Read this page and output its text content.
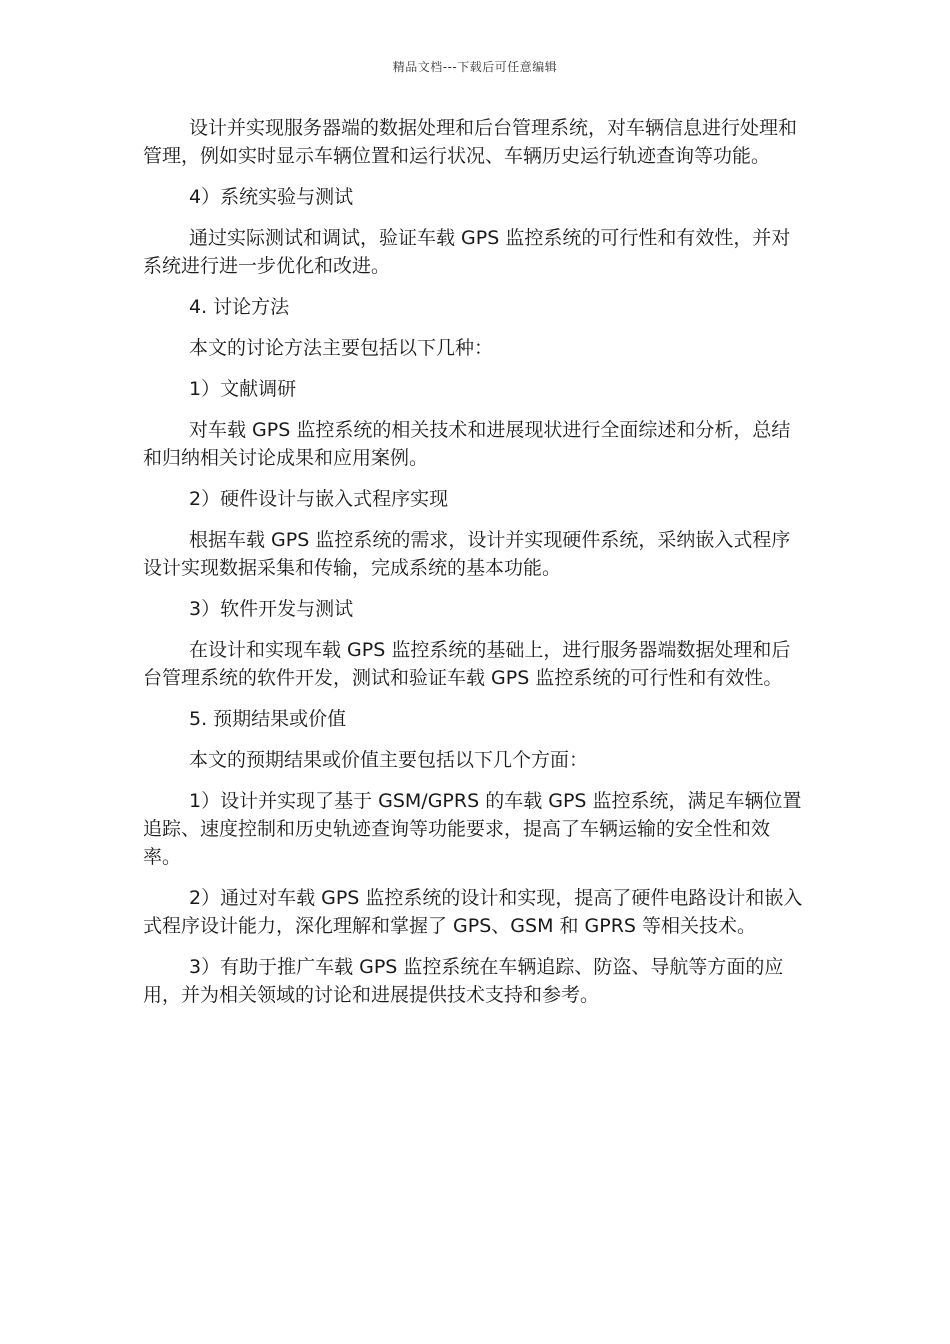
精品文档---下载后可任意编辑

设计并实现服务器端的数据处理和后台管理系统，对车辆信息进行处理和管理，例如实时显示车辆位置和运行状况、车辆历史运行轨迹查询等功能。

4）系统实验与测试

通过实际测试和调试，验证车载 GPS 监控系统的可行性和有效性，并对系统进行进一步优化和改进。

4. 讨论方法

本文的讨论方法主要包括以下几种：

1）文献调研

对车载 GPS 监控系统的相关技术和进展现状进行全面综述和分析，总结和归纳相关讨论成果和应用案例。

2）硬件设计与嵌入式程序实现

根据车载 GPS 监控系统的需求，设计并实现硬件系统，采纳嵌入式程序设计实现数据采集和传输，完成系统的基本功能。

3）软件开发与测试

在设计和实现车载 GPS 监控系统的基础上，进行服务器端数据处理和后台管理系统的软件开发，测试和验证车载 GPS 监控系统的可行性和有效性。

5. 预期结果或价值

本文的预期结果或价值主要包括以下几个方面：

1）设计并实现了基于 GSM/GPRS 的车载 GPS 监控系统，满足车辆位置追踪、速度控制和历史轨迹查询等功能要求，提高了车辆运输的安全性和效率。

2）通过对车载 GPS 监控系统的设计和实现，提高了硬件电路设计和嵌入式程序设计能力，深化理解和掌握了 GPS、GSM 和 GPRS 等相关技术。

3）有助于推广车载 GPS 监控系统在车辆追踪、防盗、导航等方面的应用，并为相关领域的讨论和进展提供技术支持和参考。
